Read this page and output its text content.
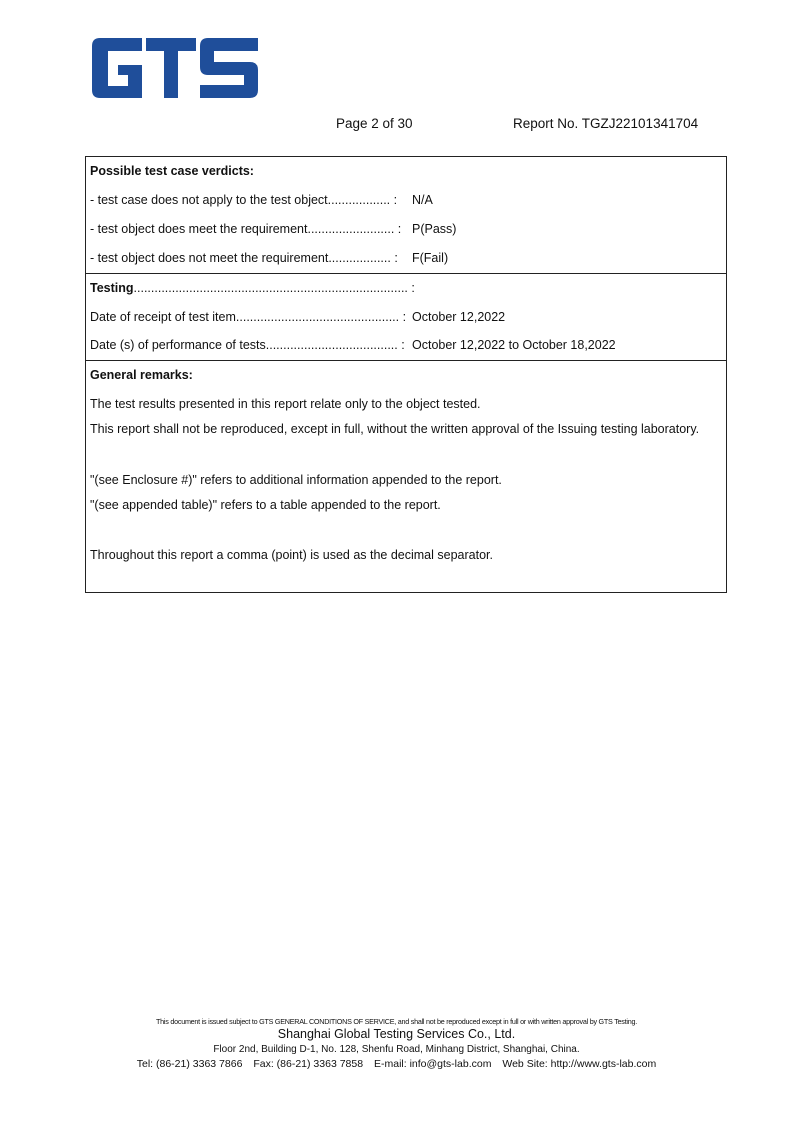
Page 2 of 30	Report No. TGZJ22101341704
Possible test case verdicts:
- test case does not apply to the test object.................. : N/A
- test object does meet the requirement......................... : P(Pass)
- test object does not meet the requirement.................. : F(Fail)
Testing............................................................................... :
Date of receipt of test item............................................... : October 12,2022
Date (s) of performance of tests...................................... : October 12,2022 to October 18,2022
General remarks:
The test results presented in this report relate only to the object tested.
This report shall not be reproduced, except in full, without the written approval of the Issuing testing laboratory.
"(see Enclosure #)" refers to additional information appended to the report.
"(see appended table)" refers to a table appended to the report.
Throughout this report a comma (point) is used as the decimal separator.
This document is issued subject to GTS GENERAL CONDITIONS OF SERVICE, and shall not be reproduced except in full or with written approval by GTS Testing.
Shanghai Global Testing Services Co., Ltd.
Floor 2nd, Building D-1, No. 128, Shenfu Road, Minhang District, Shanghai, China.
Tel: (86-21) 3363 7866 Fax: (86-21) 3363 7858 E-mail: info@gts-lab.com Web Site: http://www.gts-lab.com
